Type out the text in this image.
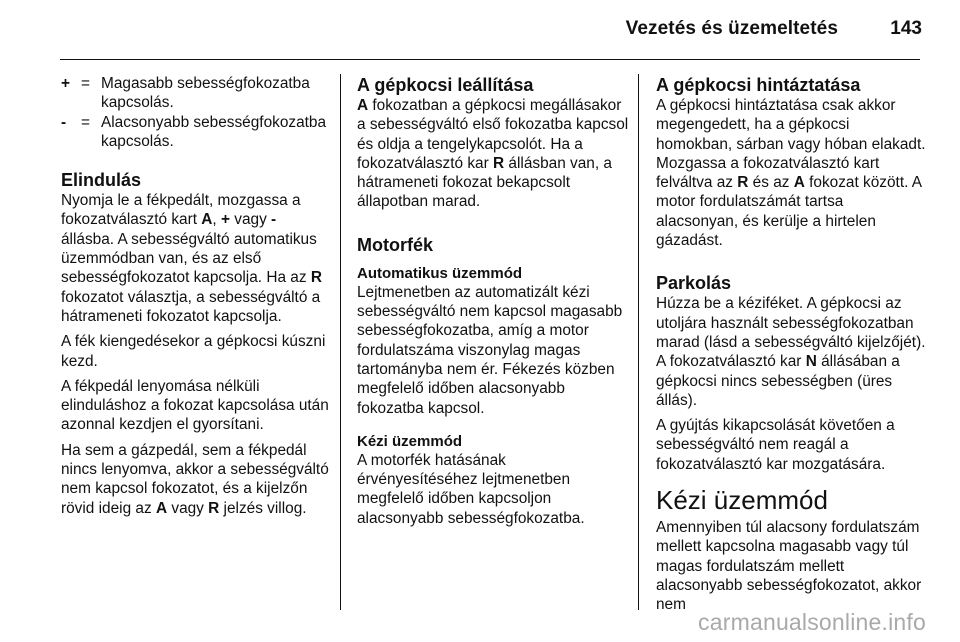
Vezetés és üzemeltetés	143
+ = Magasabb sebességfokozatba kapcsolás.
- = Alacsonyabb sebességfokozatba kapcsolás.
Elindulás

Nyomja le a fékpedált, mozgassa a fokozatválasztó kart A, + vagy - állásba. A sebességváltó automatikus üzemmódban van, és az első sebességfokozatot kapcsolja. Ha az R fokozatot választja, a sebességváltó a hátrameneti fokozatot kapcsolja.

A fék kiengedésekor a gépkocsi kúszni kezd.

A fékpedál lenyomása nélküli elinduláshoz a fokozat kapcsolása után azonnal kezdjen el gyorsítani.

Ha sem a gázpedál, sem a fékpedál nincs lenyomva, akkor a sebességváltó nem kapcsol fokozatot, és a kijelzőn rövid ideig az A vagy R jelzés villog.

A gépkocsi leállítása

A fokozatban a gépkocsi megállásakor a sebességváltó első fokozatba kapcsol és oldja a tengelykapcsolót. Ha a fokozatválasztó kar R állásban van, a hátrameneti fokozat bekapcsolt állapotban marad.

Motorfék
Automatikus üzemmód

Lejtmenetben az automatizált kézi sebességváltó nem kapcsol magasabb sebességfokozatba, amíg a motor fordulatszáma viszonylag magas tartományba nem ér. Fékezés közben megfelelő időben alacsonyabb fokozatba kapcsol.

Kézi üzemmód

A motorfék hatásának érvényesítéséhez lejtmenetben megfelelő időben kapcsoljon alacsonyabb sebességfokozatba.

A gépkocsi hintáztatása

A gépkocsi hintáztatása csak akkor megengedett, ha a gépkocsi homokban, sárban vagy hóban elakadt. Mozgassa a fokozatválasztó kart felváltva az R és az A fokozat között. A motor fordulatszámát tartsa alacsonyan, és kerülje a hirtelen gázadást.

Parkolás

Húzza be a kéziféket. A gépkocsi az utoljára használt sebességfokozatban marad (lásd a sebességváltó kijelzőjét). A fokozatválasztó kar N állásában a gépkocsi nincs sebességben (üres állás).

A gyújtás kikapcsolását követően a sebességváltó nem reagál a fokozatválasztó kar mozgatására.

Kézi üzemmód

Amennyiben túl alacsony fordulatszám mellett kapcsolna magasabb vagy túl magas fordulatszám mellett alacsonyabb sebességfokozatot, akkor nem

carmanualsonline.info
